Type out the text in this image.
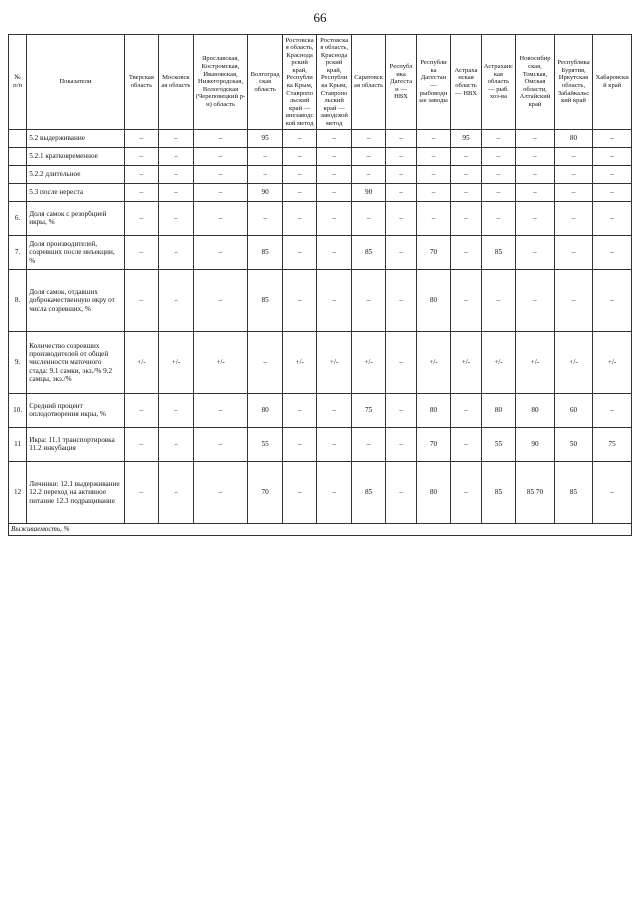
66
№ п/п	Показатели	Тверская область	Московская область	Ярославская, Костромская, Ивановская, Нижегородская, Вологодская (Череповецкий р-н) область	Волгоградская область	Ростовская область, Краснодарский край, Республика Крым, Ставропольский край — внезаводской метод	Ростовская область, Краснодарский край, Республика Крым, Ставропольский край — заводской метод	Саратовская область	Республика Дагестан — НВХ	Республика Дагестан — рыбоводные заводы	Астраханская область — НВХ	Астраханская область — рыб. хоз-ва	Новосибирская, Томская, Омская области, Алтайский край	Республика Бурятия, Иркутская область, Забайкальский край	Хабаровский край
	5.2 выдерживание	–	–	–	95	–	–	–	–	–	95	–	–	80	–
	5.2.1 кратковременное	–	–	–	–	–	–	–	–	–	–	–	–	–	–
	5.2.2 длительное	–	–	–	–	–	–	–	–	–	–	–	–	–	–
	5.3 после нереста	–	–	–	90	–	–	90	–	–	–	–	–	–	–
6.	Доля самок с резорбцией икры, %	–	–	–	–	–	–	–	–	–	–	–	–	–	–
7.	Доля производителей, созревших после инъекции, %	–	–	–	85	–	–	85	–	70	–	85	–	–	–
8.	Доля самок, отдавших доброкачественную икру от числа созревших, %	–	–	–	85	–	–	–	–	80	–	–	–	–	–
9.	Количество созревших производителей от общей численности маточного стада: 9.1 самки, экз./% 9.2 самцы, экз./%	+/-	+/-	+/-	–	+/-	+/-	+/-	–	+/-	+/-	+/-	+/-	+/-	+/-
10.	Средний процент оплодотворения икры, %	–	–	–	80	–	–	75	–	80	–	80	80	60	–
11	Икра: 11.1 транспортировка 11.2 инкубация	–	–	–	55	–	–	–	–	70	–	55	90	50	75
12	Личинки: 12.1 выдерживание 12.2 переход на активное питание 12.3 подращивание	–	–	–	70	–	–	85	–	80	–	85	85 70	85	–
Выживаемость, %															
